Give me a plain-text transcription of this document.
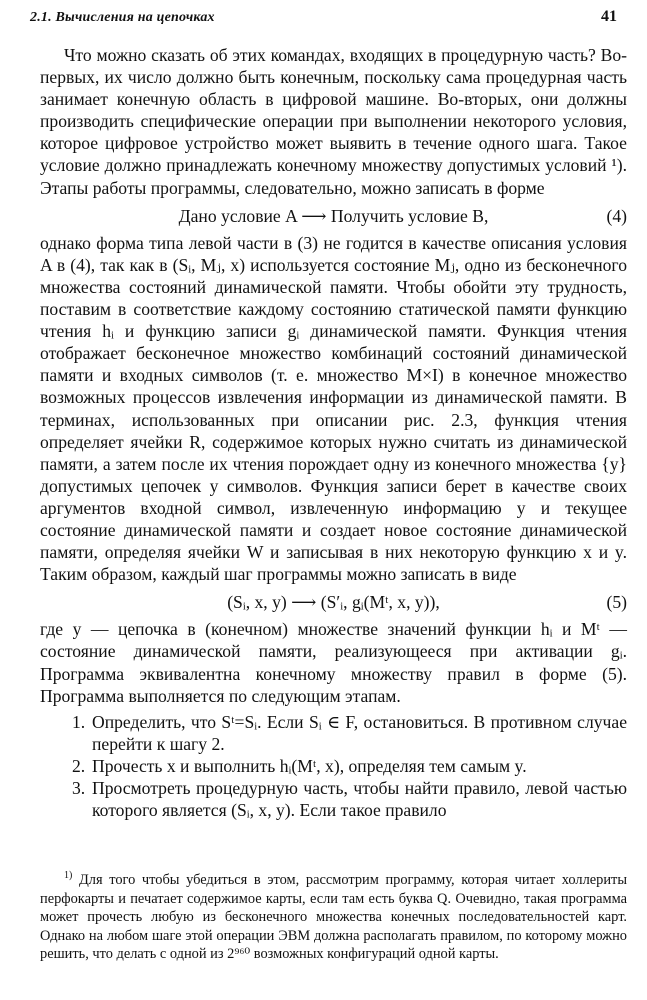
2.1. Вычисления на цепочках	41

Что можно сказать об этих командах, входящих в процедурную часть? Во-первых, их число должно быть конечным, поскольку сама процедурная часть занимает конечную область в цифровой машине. Во-вторых, они должны производить специфические операции при выполнении некоторого условия, которое цифровое устройство может выявить в течение одного шага. Такое условие должно принадлежать конечному множеству допустимых условий ¹). Этапы работы программы, следовательно, можно записать в форме

Дано условие A ⟶ Получить условие B,	(4)

однако форма типа левой части в (3) не годится в качестве описания условия A в (4), так как в (Sᵢ, Mⱼ, x) используется состояние Mⱼ, одно из бесконечного множества состояний динамической памяти. Чтобы обойти эту трудность, поставим в соответствие каждому состоянию статической памяти функцию чтения hᵢ и функцию записи gᵢ динамической памяти. Функция чтения отображает бесконечное множество комбинаций состояний динамической памяти и входных символов (т. е. множество M×I) в конечное множество возможных процессов извлечения информации из динамической памяти. В терминах, использованных при описании рис. 2.3, функция чтения определяет ячейки R, содержимое которых нужно считать из динамической памяти, а затем после их чтения порождает одну из конечного множества {y} допустимых цепочек y символов. Функция записи берет в качестве своих аргументов входной символ, извлеченную информацию y и текущее состояние динамической памяти и создает новое состояние динамической памяти, определяя ячейки W и записывая в них некоторую функцию x и y. Таким образом, каждый шаг программы можно записать в виде

(Sᵢ, x, y) ⟶ (S′ᵢ, gᵢ(Mᵗ, x, y)),	(5)

где y — цепочка в (конечном) множестве значений функции hᵢ и Mᵗ — состояние динамической памяти, реализующееся при активации gᵢ. Программа эквивалентна конечному множеству правил в форме (5). Программа выполняется по следующим этапам.

1. Определить, что Sᵗ=Sᵢ. Если Sᵢ ∈ F, остановиться. В противном случае перейти к шагу 2.
2. Прочесть x и выполнить hᵢ(Mᵗ, x), определяя тем самым y.
3. Просмотреть процедурную часть, чтобы найти правило, левой частью которого является (Sᵢ, x, y). Если такое правило

$^{1)}$ Для того чтобы убедиться в этом, рассмотрим программу, которая читает холлериты перфокарты и печатает содержимое карты, если там есть буква Q. Очевидно, такая программа может прочесть любую из бесконечного множества конечных последовательностей карт. Однако на любом шаге этой операции ЭВМ должна располагать правилом, по которому можно решить, что делать с одной из 2⁹⁶⁰ возможных конфигураций одной карты.
